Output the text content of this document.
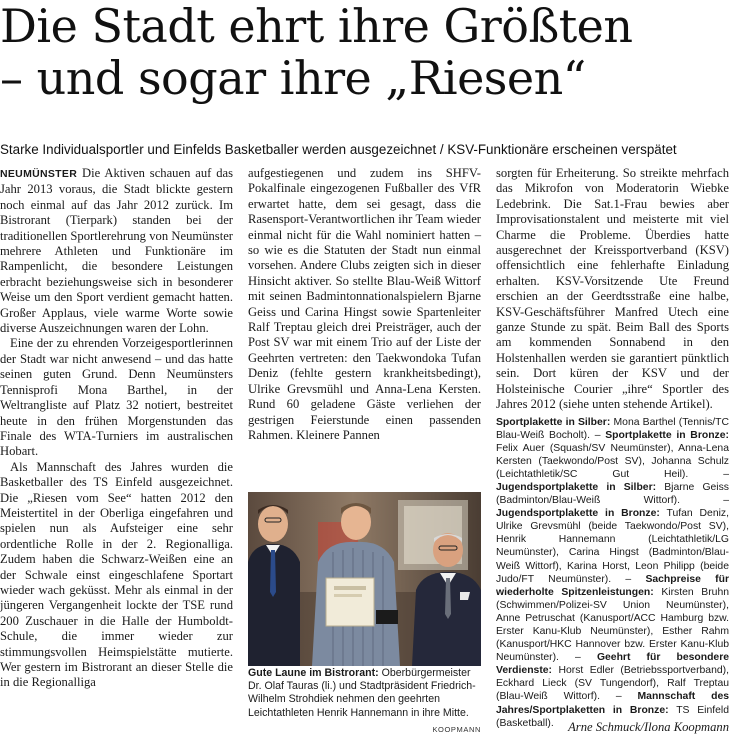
Die Stadt ehrt ihre Größten
– und sogar ihre „Riesen“
Starke Individualsportler und Einfelds Basketballer werden ausgezeichnet / KSV-Funktionäre erscheinen verspätet

NEUMÜNSTER Die Aktiven schauen auf das Jahr 2013 voraus, die Stadt blickte gestern noch einmal auf das Jahr 2012 zurück. Im Bistrorant (Tierpark) standen bei der traditionellen Sportlerehrung von Neumünster mehrere Athleten und Funktionäre im Rampenlicht, die besondere Leistungen erbracht beziehungsweise sich in besonderer Weise um den Sport verdient gemacht hatten. Großer Applaus, viele warme Worte sowie diverse Auszeichnungen waren der Lohn.

Eine der zu ehrenden Vorzeigesportlerinnen der Stadt war nicht anwesend – und das hatte seinen guten Grund. Denn Neumünsters Tennisprofi Mona Barthel, in der Weltrangliste auf Platz 32 notiert, bestreitet heute in den frühen Morgenstunden das Finale des WTA-Turniers im australischen Hobart.

Als Mannschaft des Jahres wurden die Basketballer des TS Einfeld ausgezeichnet. Die „Riesen vom See“ hatten 2012 den Meistertitel in der Oberliga eingefahren und spielen nun als Aufsteiger eine sehr ordentliche Rolle in der 2. Regionalliga. Zudem haben die Schwarz-Weißen eine an der Schwale einst eingeschlafene Sportart wieder wach geküsst. Mehr als einmal in der jüngeren Vergangenheit lockte der TSE rund 200 Zuschauer in die Halle der Humboldt-Schule, die immer wieder zur stimmungsvollen Heimspielstätte mutierte. Wer gestern im Bistrorant an dieser Stelle die in die Regionalliga

aufgestiegenen und zudem ins SHFV-Pokalfinale eingezogenen Fußballer des VfR erwartet hatte, dem sei gesagt, dass die Rasensport-Verantwortlichen ihr Team wieder einmal nicht für die Wahl nominiert hatten – so wie es die Statuten der Stadt nun einmal vorsehen. Andere Clubs zeigten sich in dieser Hinsicht aktiver. So stellte Blau-Weiß Wittorf mit seinen Badmintonnationalspielern Bjarne Geiss und Carina Hingst sowie Spartenleiter Ralf Treptau gleich drei Preisträger, auch der Post SV war mit einem Trio auf der Liste der Geehrten vertreten: den Taekwondoka Tufan Deniz (fehlte gestern krankheitsbedingt), Ulrike Grevsmühl und Anna-Lena Kersten. Rund 60 geladene Gäste verliehen der gestrigen Feierstunde einen passenden Rahmen. Kleinere Pannen

Gute Laune im Bistrorant: Oberbürgermeister Dr. Olaf Tauras (li.) und Stadtpräsident Friedrich-Wilhelm Strohdiek nehmen den geehrten Leichtathleten Henrik Hannemann in ihre Mitte.
KOOPMANN

sorgten für Erheiterung. So streikte mehrfach das Mikrofon von Moderatorin Wiebke Ledebrink. Die Sat.1-Frau bewies aber Improvisationstalent und meisterte mit viel Charme die Probleme. Überdies hatte ausgerechnet der Kreissportverband (KSV) offensichtlich eine fehlerhafte Einladung erhalten. KSV-Vorsitzende Ute Freund erschien an der Geerdtsstraße eine halbe, KSV-Geschäftsführer Manfred Utech eine ganze Stunde zu spät. Beim Ball des Sports am kommenden Sonnabend in den Holstenhallen werden sie garantiert pünktlich sein. Dort küren der KSV und der Holsteinische Courier „ihre“ Sportler des Jahres 2012 (siehe unten stehende Artikel).

Sportplakette in Silber: Mona Barthel (Tennis/TC Blau-Weiß Bocholt). – Sportplakette in Bronze: Felix Auer (Squash/SV Neumünster), Anna-Lena Kersten (Taekwondo/Post SV), Johanna Schulz (Leichtathletik/SC Gut Heil). – Jugendsportplakette in Silber: Bjarne Geiss (Badminton/Blau-Weiß Wittorf). – Jugendsportplakette in Bronze: Tufan Deniz, Ulrike Grevsmühl (beide Taekwondo/Post SV), Henrik Hannemann (Leichtathletik/LG Neumünster), Carina Hingst (Badminton/Blau-Weiß Wittorf), Karina Horst, Leon Philipp (beide Judo/FT Neumünster). – Sachpreise für wiederholte Spitzenleistungen: Kirsten Bruhn (Schwimmen/Polizei-SV Union Neumünster), Anne Petruschat (Kanusport/ACC Hamburg bzw. Erster Kanu-Klub Neumünster), Esther Rahm (Kanusport/HKC Hannover bzw. Erster Kanu-Klub Neumünster). – Geehrt für besondere Verdienste: Horst Edler (Betriebssportverband), Eckhard Lieck (SV Tungendorf), Ralf Treptau (Blau-Weiß Wittorf). – Mannschaft des Jahres/Sportplaketten in Bronze: TS Einfeld (Basketball).	Arne Schmuck/Ilona Koopmann
